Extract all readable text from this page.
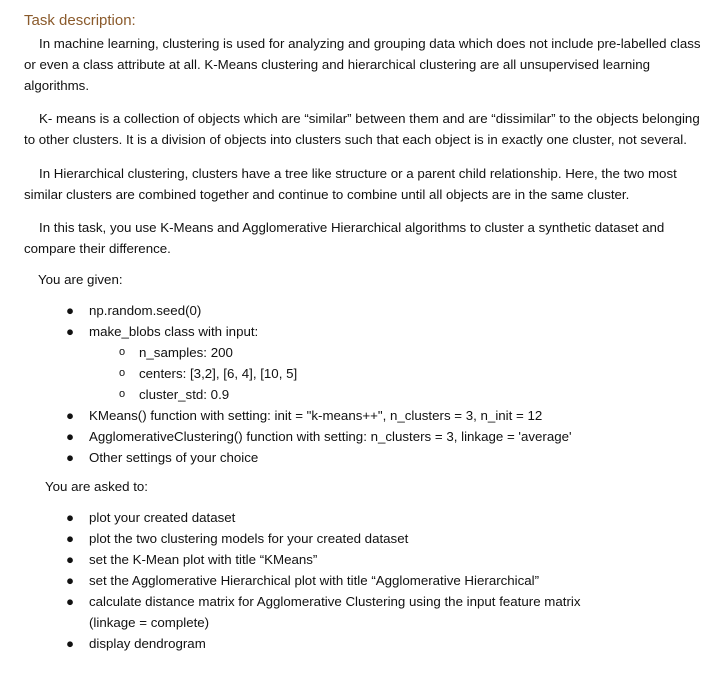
Task description:

In machine learning, clustering is used for analyzing and grouping data which does not include pre-labelled class or even a class attribute at all. K-Means clustering and hierarchical clustering are all unsupervised learning algorithms.

K- means is a collection of objects which are “similar” between them and are “dissimilar” to the objects belonging to other clusters. It is a division of objects into clusters such that each object is in exactly one cluster, not several.

In Hierarchical clustering, clusters have a tree like structure or a parent child relationship. Here, the two most similar clusters are combined together and continue to combine until all objects are in the same cluster.

In this task, you use K-Means and Agglomerative Hierarchical algorithms to cluster a synthetic dataset and compare their difference.

You are given:
● np.random.seed(0)
● make_blobs class with input:
o n_samples: 200
o centers: [3,2], [6, 4], [10, 5]
o cluster_std: 0.9
● KMeans() function with setting: init = "k-means++", n_clusters = 3, n_init = 12
● AgglomerativeClustering() function with setting: n_clusters = 3, linkage = 'average'
● Other settings of your choice
You are asked to:
● plot your created dataset
● plot the two clustering models for your created dataset
● set the K-Mean plot with title “KMeans”
● set the Agglomerative Hierarchical plot with title “Agglomerative Hierarchical”
● calculate distance matrix for Agglomerative Clustering using the input feature matrix
(linkage = complete)
● display dendrogram
